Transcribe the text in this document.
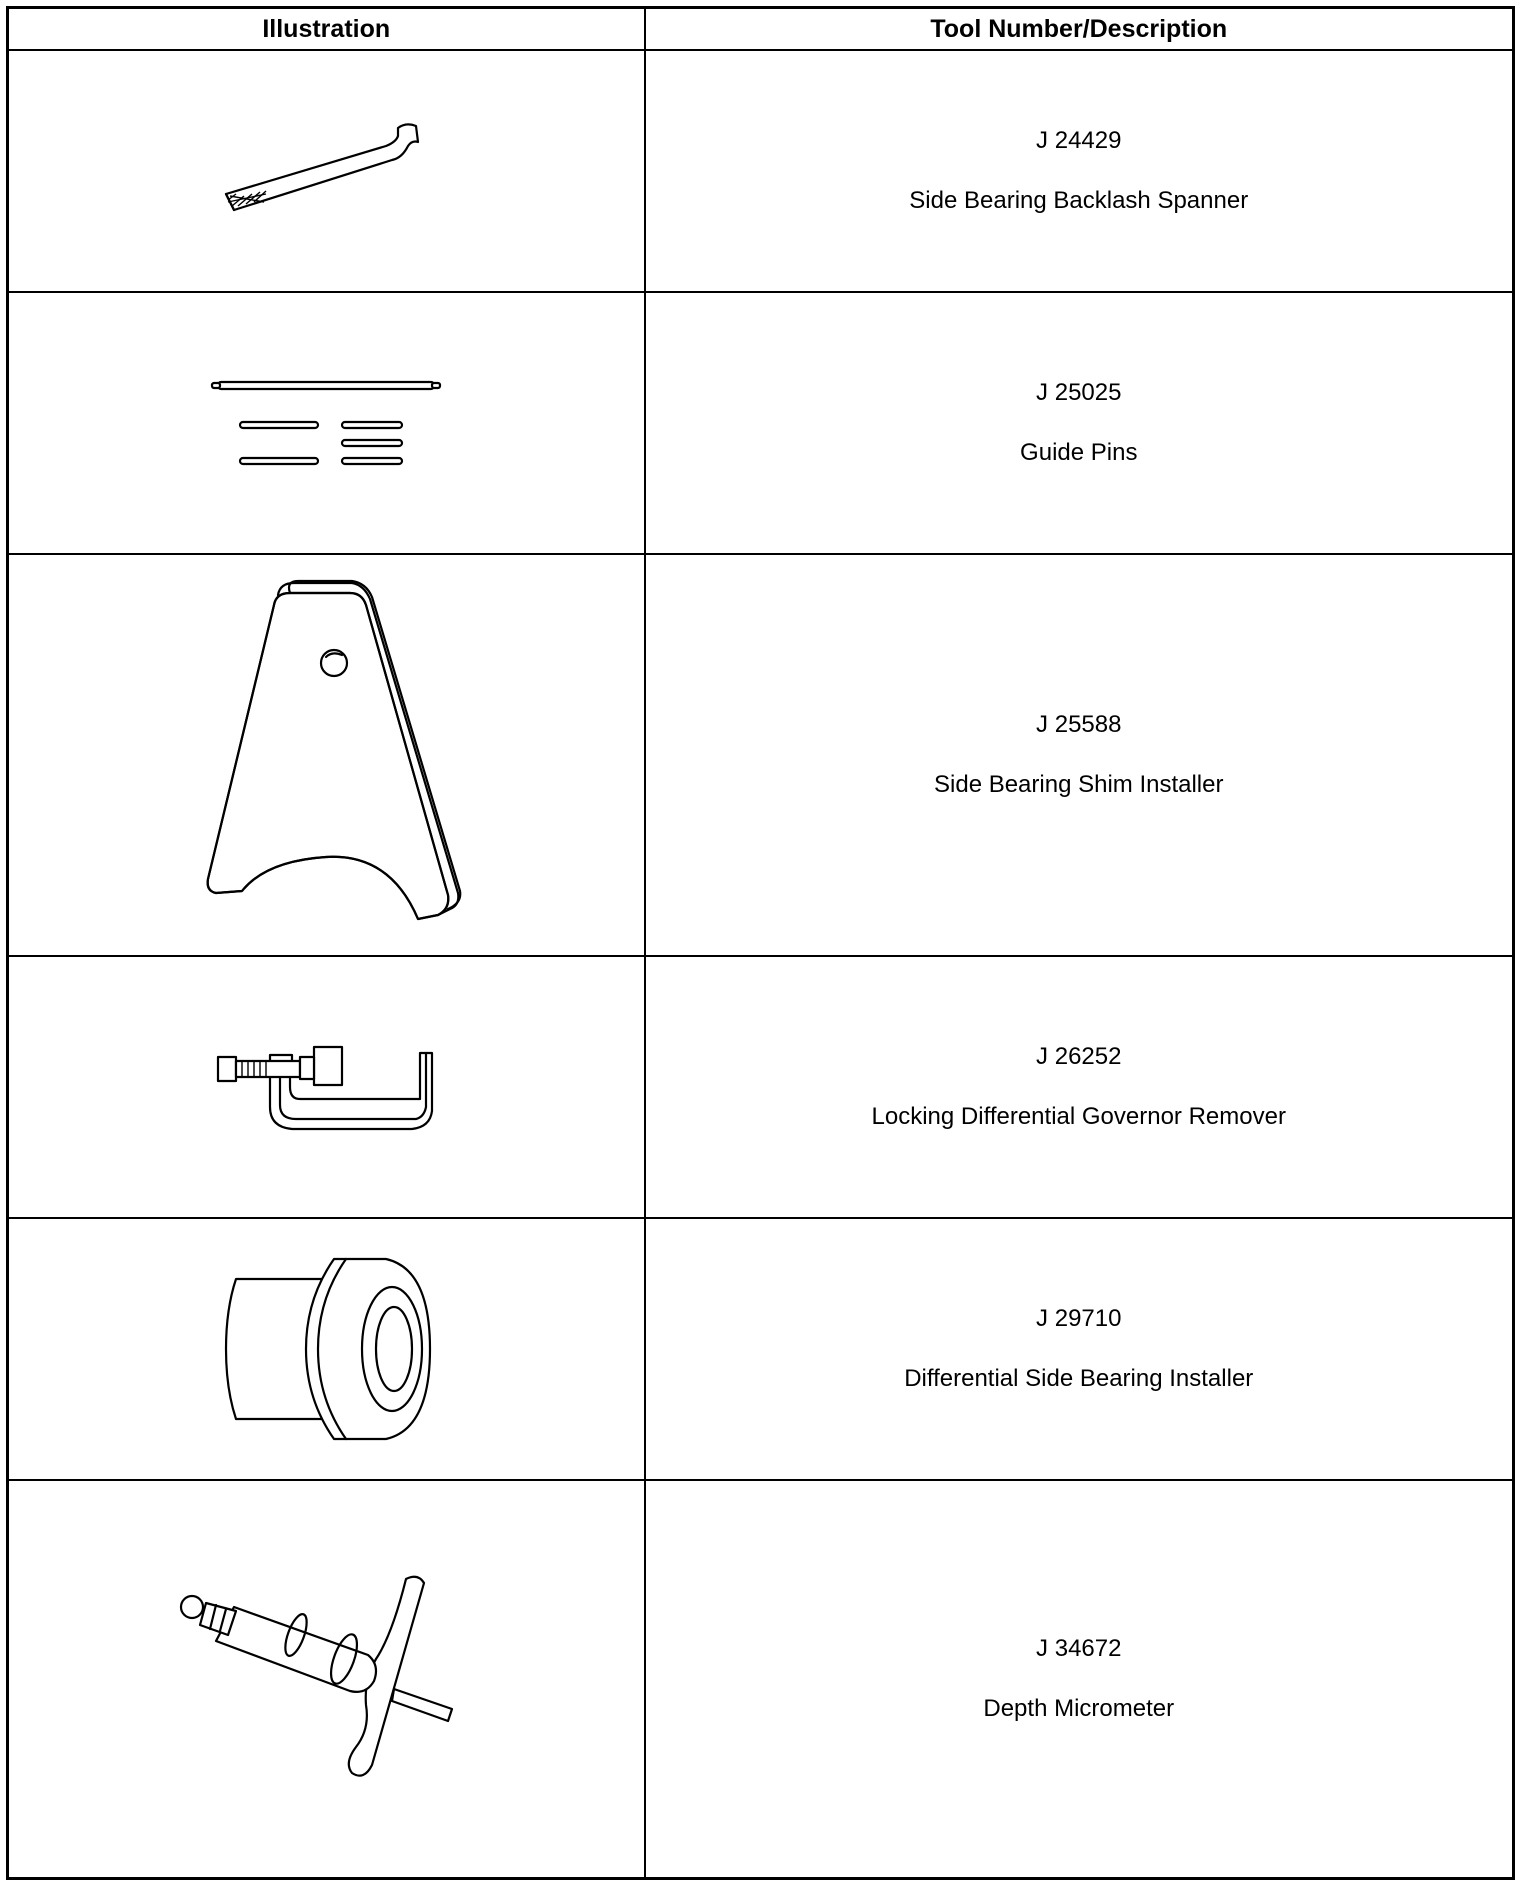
Illustration	Tool Number/Description

J 24429
Side Bearing Backlash Spanner

J 25025
Guide Pins

J 25588
Side Bearing Shim Installer

J 26252
Locking Differential Governor Remover

J 29710
Differential Side Bearing Installer

J 34672
Depth Micrometer
